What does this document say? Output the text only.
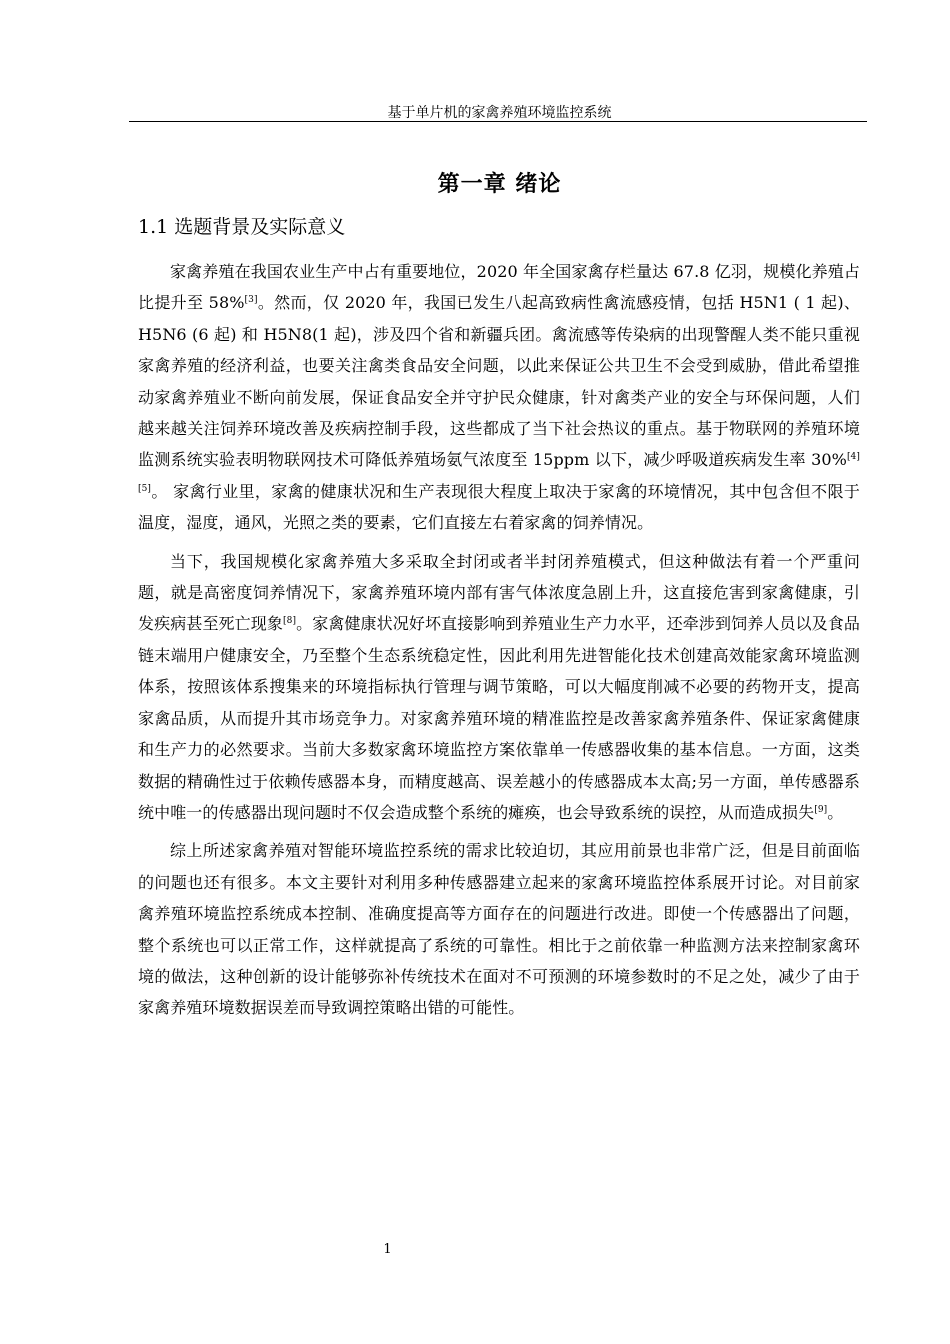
基于单片机的家禽养殖环境监控系统
第一章 绪论
1.1 选题背景及实际意义

家禽养殖在我国农业生产中占有重要地位，2020 年全国家禽存栏量达 67.8 亿羽，规模化养殖占比提升至 58%[3]。然而，仅 2020 年，我国已发生八起高致病性禽流感疫情，包括 H5N1 ( 1 起)、H5N6 (6 起) 和 H5N8(1 起)，涉及四个省和新疆兵团。禽流感等传染病的出现警醒人类不能只重视家禽养殖的经济利益，也要关注禽类食品安全问题，以此来保证公共卫生不会受到威胁，借此希望推动家禽养殖业不断向前发展，保证食品安全并守护民众健康，针对禽类产业的安全与环保问题，人们越来越关注饲养环境改善及疾病控制手段，这些都成了当下社会热议的重点。基于物联网的养殖环境监测系统实验表明物联网技术可降低养殖场氨气浓度至 15ppm 以下，减少呼吸道疾病发生率 30%[4][5]。 家禽行业里，家禽的健康状况和生产表现很大程度上取决于家禽的环境情况，其中包含但不限于温度，湿度，通风，光照之类的要素，它们直接左右着家禽的饲养情况。

当下，我国规模化家禽养殖大多采取全封闭或者半封闭养殖模式，但这种做法有着一个严重问题，就是高密度饲养情况下，家禽养殖环境内部有害气体浓度急剧上升，这直接危害到家禽健康，引发疾病甚至死亡现象[8]。家禽健康状况好坏直接影响到养殖业生产力水平，还牵涉到饲养人员以及食品链末端用户健康安全，乃至整个生态系统稳定性，因此利用先进智能化技术创建高效能家禽环境监测体系，按照该体系搜集来的环境指标执行管理与调节策略，可以大幅度削减不必要的药物开支，提高家禽品质，从而提升其市场竞争力。对家禽养殖环境的精准监控是改善家禽养殖条件、保证家禽健康和生产力的必然要求。当前大多数家禽环境监控方案依靠单一传感器收集的基本信息。一方面，这类数据的精确性过于依赖传感器本身，而精度越高、误差越小的传感器成本太高;另一方面，单传感器系统中唯一的传感器出现问题时不仅会造成整个系统的瘫痪，也会导致系统的误控，从而造成损失[9]。

综上所述家禽养殖对智能环境监控系统的需求比较迫切，其应用前景也非常广泛，但是目前面临的问题也还有很多。本文主要针对利用多种传感器建立起来的家禽环境监控体系展开讨论。对目前家禽养殖环境监控系统成本控制、准确度提高等方面存在的问题进行改进。即使一个传感器出了问题，整个系统也可以正常工作，这样就提高了系统的可靠性。相比于之前依靠一种监测方法来控制家禽环境的做法，这种创新的设计能够弥补传统技术在面对不可预测的环境参数时的不足之处，减少了由于家禽养殖环境数据误差而导致调控策略出错的可能性。

1
